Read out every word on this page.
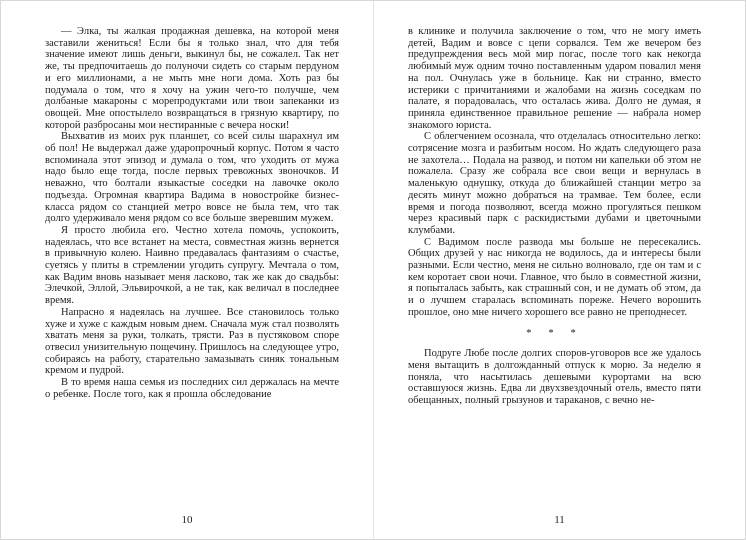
— Элка, ты жалкая продажная дешевка, на которой меня заставили жениться! Если бы я только знал, что для тебя значение имеют лишь деньги, выкинул бы, не сожалел. Так нет же, ты предпочитаешь до полуночи сидеть со старым пердуном и его миллионами, а не мыть мне ноги дома. Хоть раз бы подумала о том, что я хочу на ужин чего-то получше, чем долбаные макароны с морепродуктами или твои запеканки из овощей. Мне опостылело возвращаться в грязную квартиру, по которой разбросаны мои нестиранные с вечера носки!

Выхватив из моих рук планшет, со всей силы шарахнул им об пол! Не выдержал даже ударопрочный корпус. Потом я часто вспоминала этот эпизод и думала о том, что уходить от мужа надо было еще тогда, после первых тревожных звоночков. И неважно, что болтали языкастые соседки на лавочке около подъезда. Огромная квартира Вадима в новостройке бизнес-класса рядом со станцией метро вовсе не была тем, что так долго удерживало меня рядом со все больше зверевшим мужем.

Я просто любила его. Честно хотела помочь, успокоить, надеялась, что все встанет на места, совместная жизнь вернется в привычную колею. Наивно предавалась фантазиям о счастье, суетясь у плиты в стремлении угодить супругу. Мечтала о том, как Вадим вновь называет меня ласково, так же как до свадьбы: Элечкой, Эллой, Эльвирочкой, а не так, как величал в последнее время.

Напрасно я надеялась на лучшее. Все становилось только хуже и хуже с каждым новым днем. Сначала муж стал позволять хватать меня за руки, толкать, трясти. Раз в пустяковом споре отвесил унизительную пощечину. Пришлось на следующее утро, собираясь на работу, старательно замазывать синяк тональным кремом и пудрой.

В то время наша семья из последних сил держалась на мечте о ребенке. После того, как я прошла обследование

10

в клинике и получила заключение о том, что не могу иметь детей, Вадим и вовсе с цепи сорвался. Тем же вечером без предупреждения весь мой мир погас, после того как некогда любимый муж одним точно поставленным ударом повалил меня на пол. Очнулась уже в больнице. Как ни странно, вместо истерики с причитаниями и жалобами на жизнь соседкам по палате, я порадовалась, что осталась жива. Долго не думая, я приняла единственное правильное решение — набрала номер знакомого юриста.

С облегчением осознала, что отделалась относительно легко: сотрясение мозга и разбитым носом. Но ждать следующего раза не захотела… Подала на развод, и потом ни капельки об этом не пожалела. Сразу же собрала все свои вещи и вернулась в маленькую однушку, откуда до ближайшей станции метро за десять минут можно добраться на трамвае. Тем более, если время и погода позволяют, всегда можно прогуляться пешком через красивый парк с раскидистыми дубами и цветочными клумбами.

С Вадимом после развода мы больше не пересекались. Общих друзей у нас никогда не водилось, да и интересы были разными. Если честно, меня не сильно волновало, где он там и с кем коротает свои ночи. Главное, что было в совместной жизни, я попыталась забыть, как страшный сон, и не думать об этом, да и о лучшем старалась вспоминать пореже. Нечего ворошить прошлое, оно мне ничего хорошего все равно не преподнесет.

* * *

Подруге Любе после долгих споров-уговоров все же удалось меня вытащить в долгожданный отпуск к морю. За неделю я поняла, что насытилась дешевыми курортами на всю оставшуюся жизнь. Едва ли двухзвездочный отель, вместо пяти обещанных, полный грызунов и тараканов, с вечно не-

11
